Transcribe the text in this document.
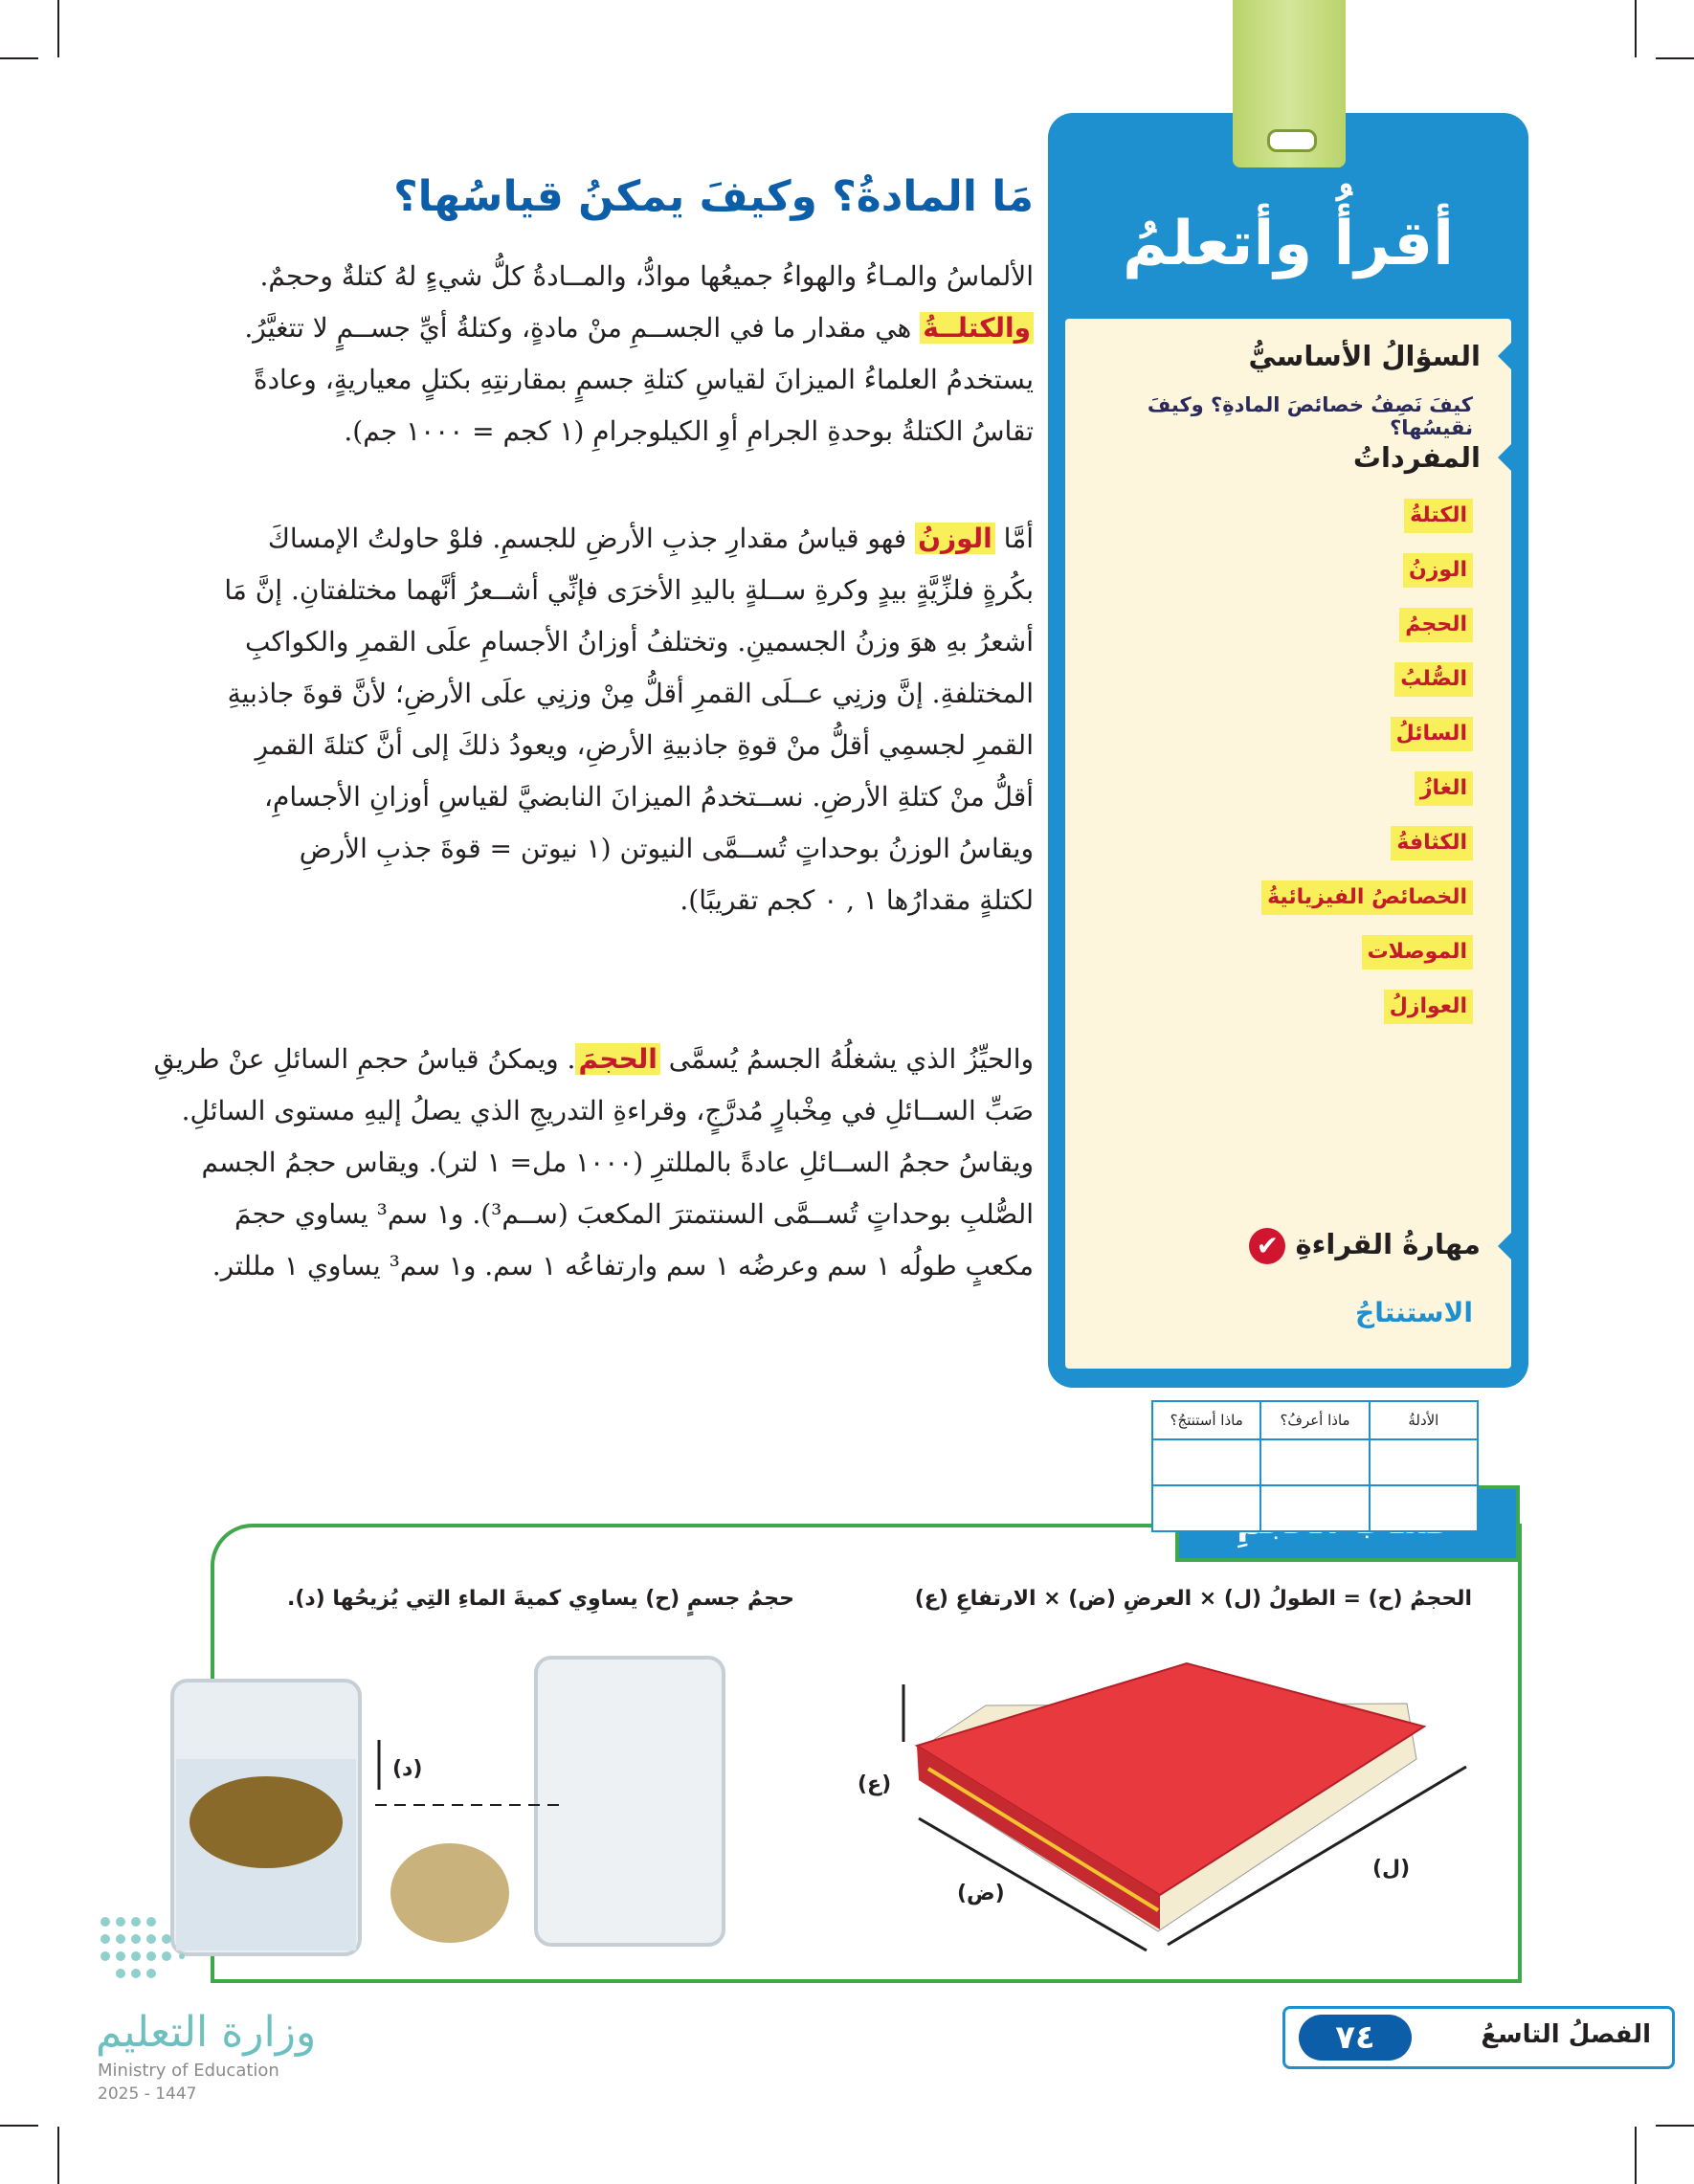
أقرأُ وأتعلمُ
السؤالُ الأساسيُّ
كيفَ نَصِفُ خصائصَ المادةِ؟ وكيفَ نقيسُها؟
المفرداتُ
الكتلةُ
الوزنُ
الحجمُ
الصُّلبُ
السائلُ
الغازُ
الكثافةُ
الخصائصُ الفيزيائيةُ
الموصلات
العوازلُ
مهارةُ القراءةِ ✔
الاستنتاجُ
الأدلةُ	ماذا أعرفُ؟	ماذا أستنتجُ؟

مَا المادةُ؟ وكيفَ يمكنُ قياسُها؟
الألماسُ والمـاءُ والهواءُ جميعُها موادُّ، والمــادةُ كلُّ شيءٍ لهُ كتلةٌ وحجمٌ.
والكتلــةُ هي مقدار ما في الجســمِ منْ مادةٍ، وكتلةُ أيِّ جســمٍ لا تتغيَّرُ.
يستخدمُ العلماءُ الميزانَ لقياسِ كتلةِ جسمٍ بمقارنتِهِ بكتلٍ معياريةٍ، وعادةً
تقاسُ الكتلةُ بوحدةِ الجرامِ أوِ الكيلوجرامِ (١ كجم = ١٠٠٠ جم).
أمَّا الوزنُ فهو قياسُ مقدارِ جذبِ الأرضِ للجسمِ. فلوْ حاولتُ الإمساكَ
بكُرةٍ فلزِّيَّةٍ بيدٍ وكرةِ ســلةٍ باليدِ الأخرَى فإنِّي أشــعرُ أنَّهما مختلفتانِ. إنَّ مَا
أشعرُ بهِ هوَ وزنُ الجسمينِ. وتختلفُ أوزانُ الأجسامِ علَى القمرِ والكواكبِ
المختلفةِ. إنَّ وزنِي عــلَى القمرِ أقلُّ مِنْ وزنِي علَى الأرضِ؛ لأنَّ قوةَ جاذبيةِ
القمرِ لجسمِي أقلُّ منْ قوةِ جاذبيةِ الأرضِ، ويعودُ ذلكَ إلى أنَّ كتلةَ القمرِ
أقلُّ منْ كتلةِ الأرضِ. نســتخدمُ الميزانَ النابضيَّ لقياسِ أوزانِ الأجسامِ،
ويقاسُ الوزنُ بوحداتٍ تُســمَّى النيوتن (١ نيوتن = قوةَ جذبِ الأرضِ
لكتلةٍ مقدارُها ١ , ٠ كجم تقريبًا).
والحيِّزُ الذي يشغلُهُ الجسمُ يُسمَّى الحجمَ. ويمكنُ قياسُ حجمِ السائلِ عنْ طريقِ
صَبِّ الســائلِ في مِخْبارٍ مُدرَّجٍ، وقراءةِ التدريجِ الذي يصلُ إليهِ مستوى السائلِ.
ويقاسُ حجمُ الســائلِ عادةً بالمللترِ (١٠٠٠ مل= ١ لتر). ويقاس حجمُ الجسم
الصُّلبِ بوحداتٍ تُســمَّى السنتمترَ المكعبَ (ســم³). و١ سم³ يساوي حجمَ
مكعبٍ طولُه ١ سم وعرضُه ١ سم وارتفاعُه ١ سم. و١ سم³ يساوي ١ مللتر.
الحجمُ (ح) = الطولُ (ل) × العرضِ (ض) × الارتفاعِ (ع)
حجمُ جسمٍ (ح) يساوِي كميةَ الماءِ التِي يُزيحُها (د).
(ع)
(ض)
(ل)
(د)
وزارة التعليم
Ministry of Education
2025 - 1447
الفصلُ التاسعُ
٧٤
